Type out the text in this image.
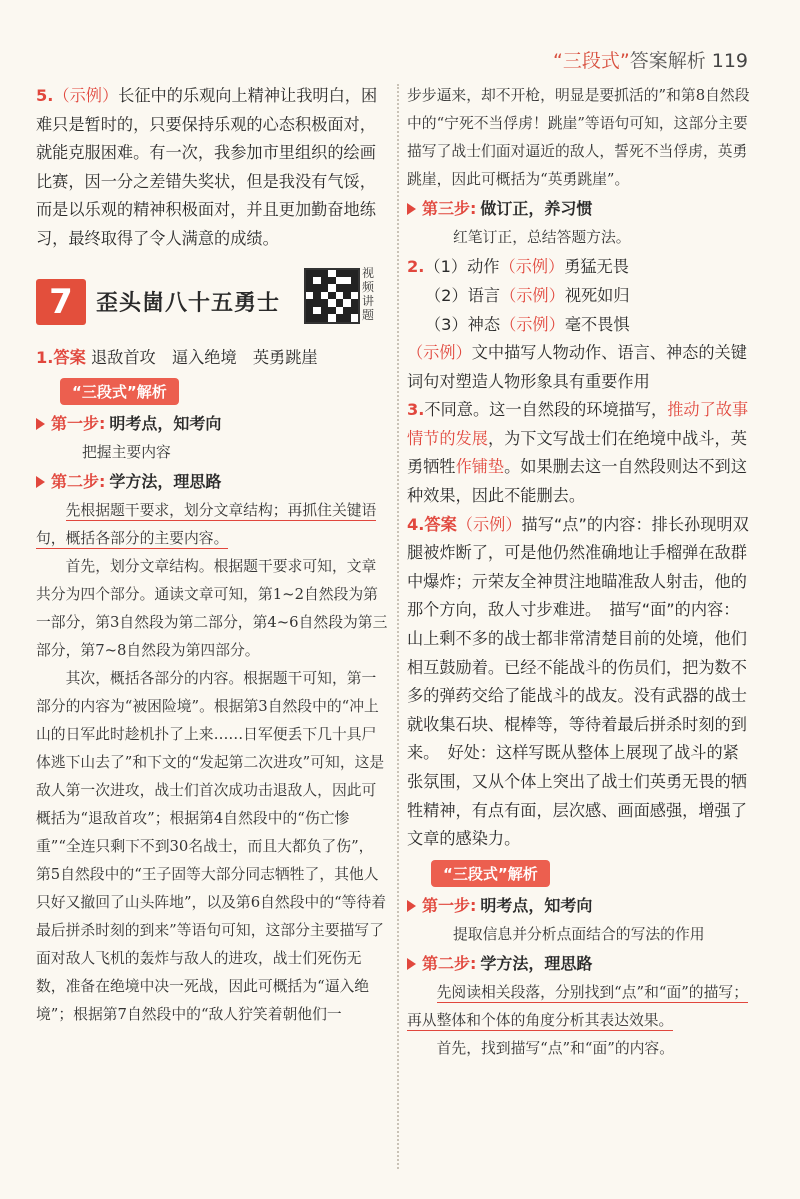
“三段式”答案解析 119

5.（示例）长征中的乐观向上精神让我明白，困难只是暂时的，只要保持乐观的心态积极面对，就能克服困难。有一次，我参加市里组织的绘画比赛，因一分之差错失奖状，但是我没有气馁，而是以乐观的精神积极面对，并且更加勤奋地练习，最终取得了令人满意的成绩。

7	歪头崮八十五勇士
视频讲题

1.答案 退敌首攻　逼入绝境　英勇跳崖

“三段式”解析
第一步: 明考点，知考向

把握主要内容

第二步: 学方法，理思路

先根据题干要求，划分文章结构；再抓住关键语句，概括各部分的主要内容。

首先，划分文章结构。根据题干要求可知，文章共分为四个部分。通读文章可知，第1~2自然段为第一部分，第3自然段为第二部分，第4~6自然段为第三部分，第7~8自然段为第四部分。

其次，概括各部分的内容。根据题干可知，第一部分的内容为“被困险境”。根据第3自然段中的“冲上山的日军此时趁机扑了上来……日军便丢下几十具尸体逃下山去了”和下文的“发起第二次进攻”可知，这是敌人第一次进攻，战士们首次成功击退敌人，因此可概括为“退敌首攻”；根据第4自然段中的“伤亡惨重”“全连只剩下不到30名战士，而且大都负了伤”，第5自然段中的“王子固等大部分同志牺牲了，其他人只好又撤回了山头阵地”，以及第6自然段中的“等待着最后拼杀时刻的到来”等语句可知，这部分主要描写了面对敌人飞机的轰炸与敌人的进攻，战士们死伤无数，准备在绝境中决一死战，因此可概括为“逼入绝境”；根据第7自然段中的“敌人狞笑着朝他们一

步步逼来，却不开枪，明显是要抓活的”和第8自然段中的“宁死不当俘虏！跳崖”等语句可知，这部分主要描写了战士们面对逼近的敌人，誓死不当俘虏，英勇跳崖，因此可概括为“英勇跳崖”。

第三步: 做订正，养习惯

红笔订正，总结答题方法。

2. （1）动作 （示例） 勇猛无畏
（2）语言 （示例） 视死如归
（3）神态 （示例） 毫不畏惧

（示例）文中描写人物动作、语言、神态的关键词句对塑造人物形象具有重要作用

3.不同意。这一自然段的环境描写，推动了故事情节的发展，为下文写战士们在绝境中战斗，英勇牺牲作铺垫。如果删去这一自然段则达不到这种效果，因此不能删去。

4.答案（示例）描写“点”的内容：排长孙现明双腿被炸断了，可是他仍然准确地让手榴弹在敌群中爆炸；亓荣友全神贯注地瞄准敌人射击，他的那个方向，敌人寸步难进。　描写“面”的内容：山上剩不多的战士都非常清楚目前的处境，他们相互鼓励着。已经不能战斗的伤员们，把为数不多的弹药交给了能战斗的战友。没有武器的战士就收集石块、棍棒等，等待着最后拼杀时刻的到来。　好处：这样写既从整体上展现了战斗的紧张氛围，又从个体上突出了战士们英勇无畏的牺牲精神，有点有面，层次感、画面感强，增强了文章的感染力。

“三段式”解析
第一步: 明考点，知考向

提取信息并分析点面结合的写法的作用

第二步: 学方法，理思路

先阅读相关段落，分别找到“点”和“面”的描写；再从整体和个体的角度分析其表达效果。

首先，找到描写“点”和“面”的内容。
